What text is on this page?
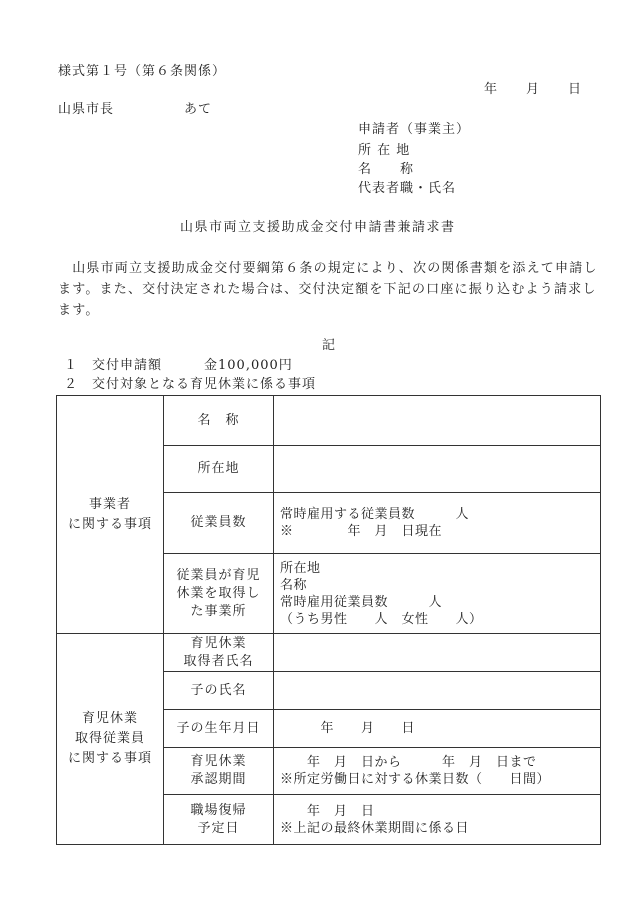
様式第１号（第６条関係）
年　　月　　日
山県市長　　　　　あて
申請者（事業主）
所 在 地
名　　称
代表者職・氏名
山県市両立支援助成金交付申請書兼請求書
　山県市両立支援助成金交付要綱第６条の規定により、次の関係書類を添えて申請します。また、交付決定された場合は、交付決定額を下記の口座に振り込むよう請求します。
記
１　交付申請額　　　金100,000円
２　交付対象となる育児休業に係る事項
事業者
に関する事項	名　称	

	所在地	

	従業員数	常時雇用する従業員数　　　人
※　　　　年　月　日現在

	従業員が育児
休業を取得し
た事業所	所在地
名称
常時雇用従業員数　　　人
（うち男性　　人　女性　　人）

育児休業
取得従業員
に関する事項	育児休業
取得者氏名	

	子の氏名	

	子の生年月日	　　　年　　月　　日

	育児休業
承認期間	　　年　月　日から　　　年　月　日まで
※所定労働日に対する休業日数（　　日間）

	職場復帰
予定日	　　年　月　日
※上記の最終休業期間に係る日
